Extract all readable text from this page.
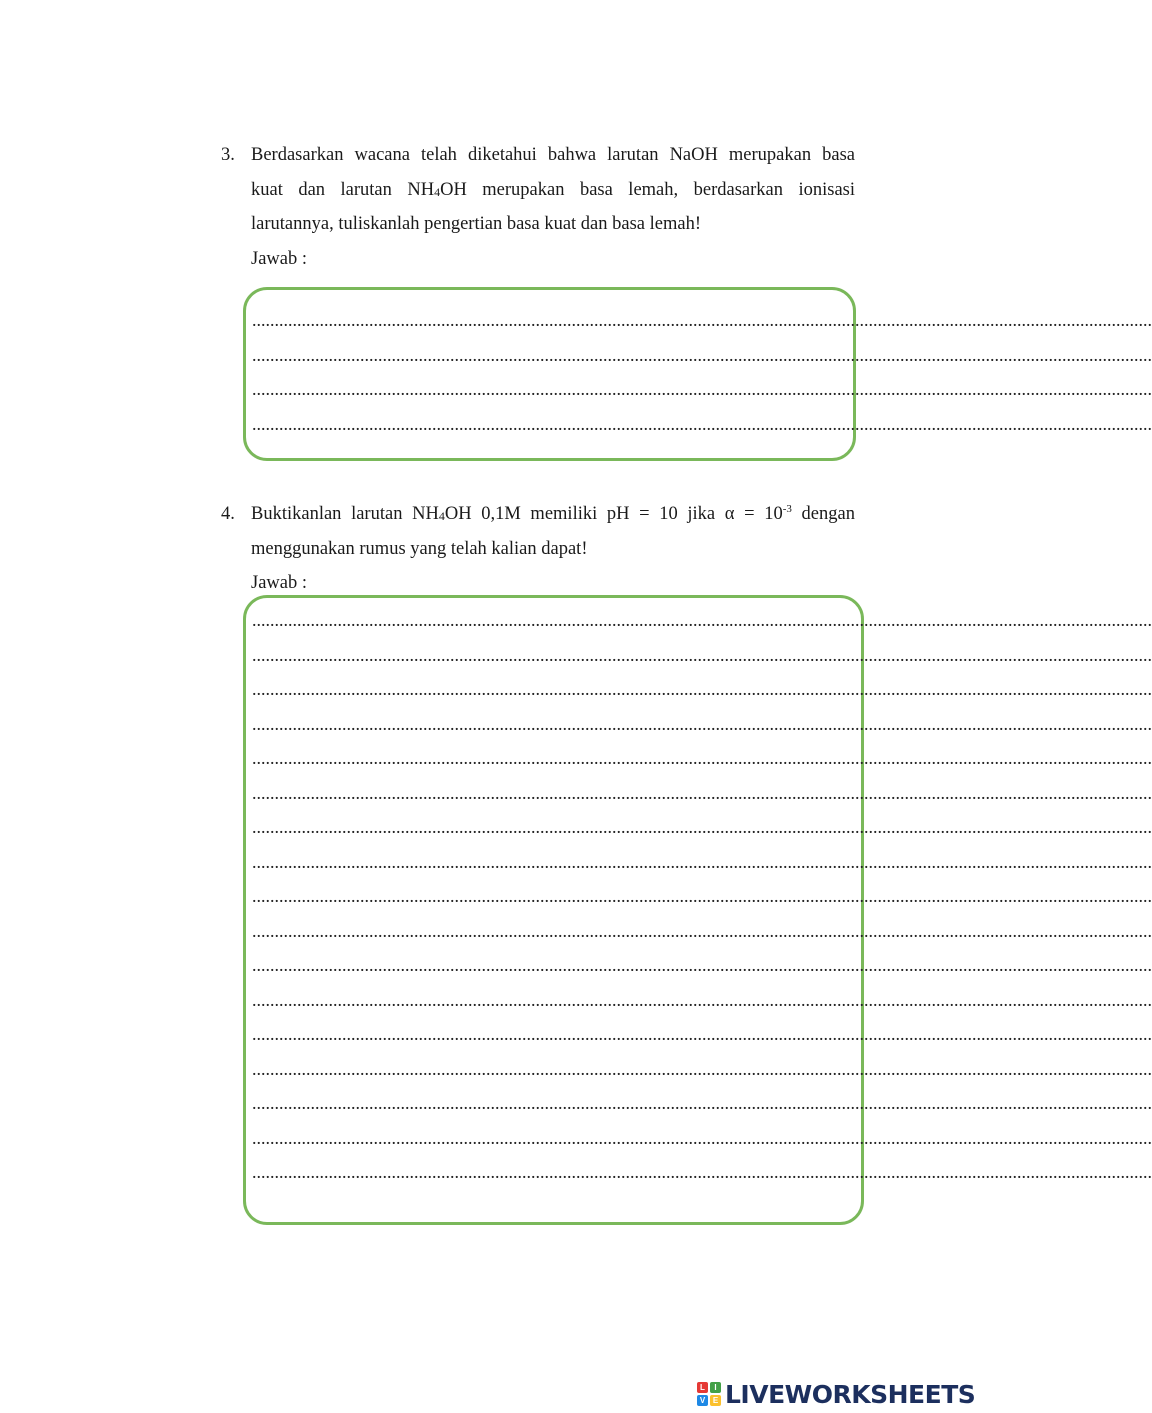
3. Berdasarkan wacana telah diketahui bahwa larutan NaOH merupakan basa

kuat dan larutan $NH_4OH$ merupakan basa lemah, berdasarkan ionisasi

larutannya, tuliskanlah pengertian basa kuat dan basa lemah!

Jawab :

........................................................................................................................................................................................................
........................................................................................................................................................................................................
........................................................................................................................................................................................................
........................................................................................................................................................................................................
4. Buktikanlan larutan $NH_4OH$ 0,1M memiliki pH = 10 jika $\alpha = 10^{-3}$ dengan

menggunakan rumus yang telah kalian dapat!

Jawab :

........................................................................................................................................................................................................
........................................................................................................................................................................................................
........................................................................................................................................................................................................
........................................................................................................................................................................................................
........................................................................................................................................................................................................
........................................................................................................................................................................................................
........................................................................................................................................................................................................
........................................................................................................................................................................................................
........................................................................................................................................................................................................
........................................................................................................................................................................................................
........................................................................................................................................................................................................
........................................................................................................................................................................................................
........................................................................................................................................................................................................
........................................................................................................................................................................................................
........................................................................................................................................................................................................
........................................................................................................................................................................................................
........................................................................................................................................................................................................
L	I
V E LIVEWORKSHEETS
